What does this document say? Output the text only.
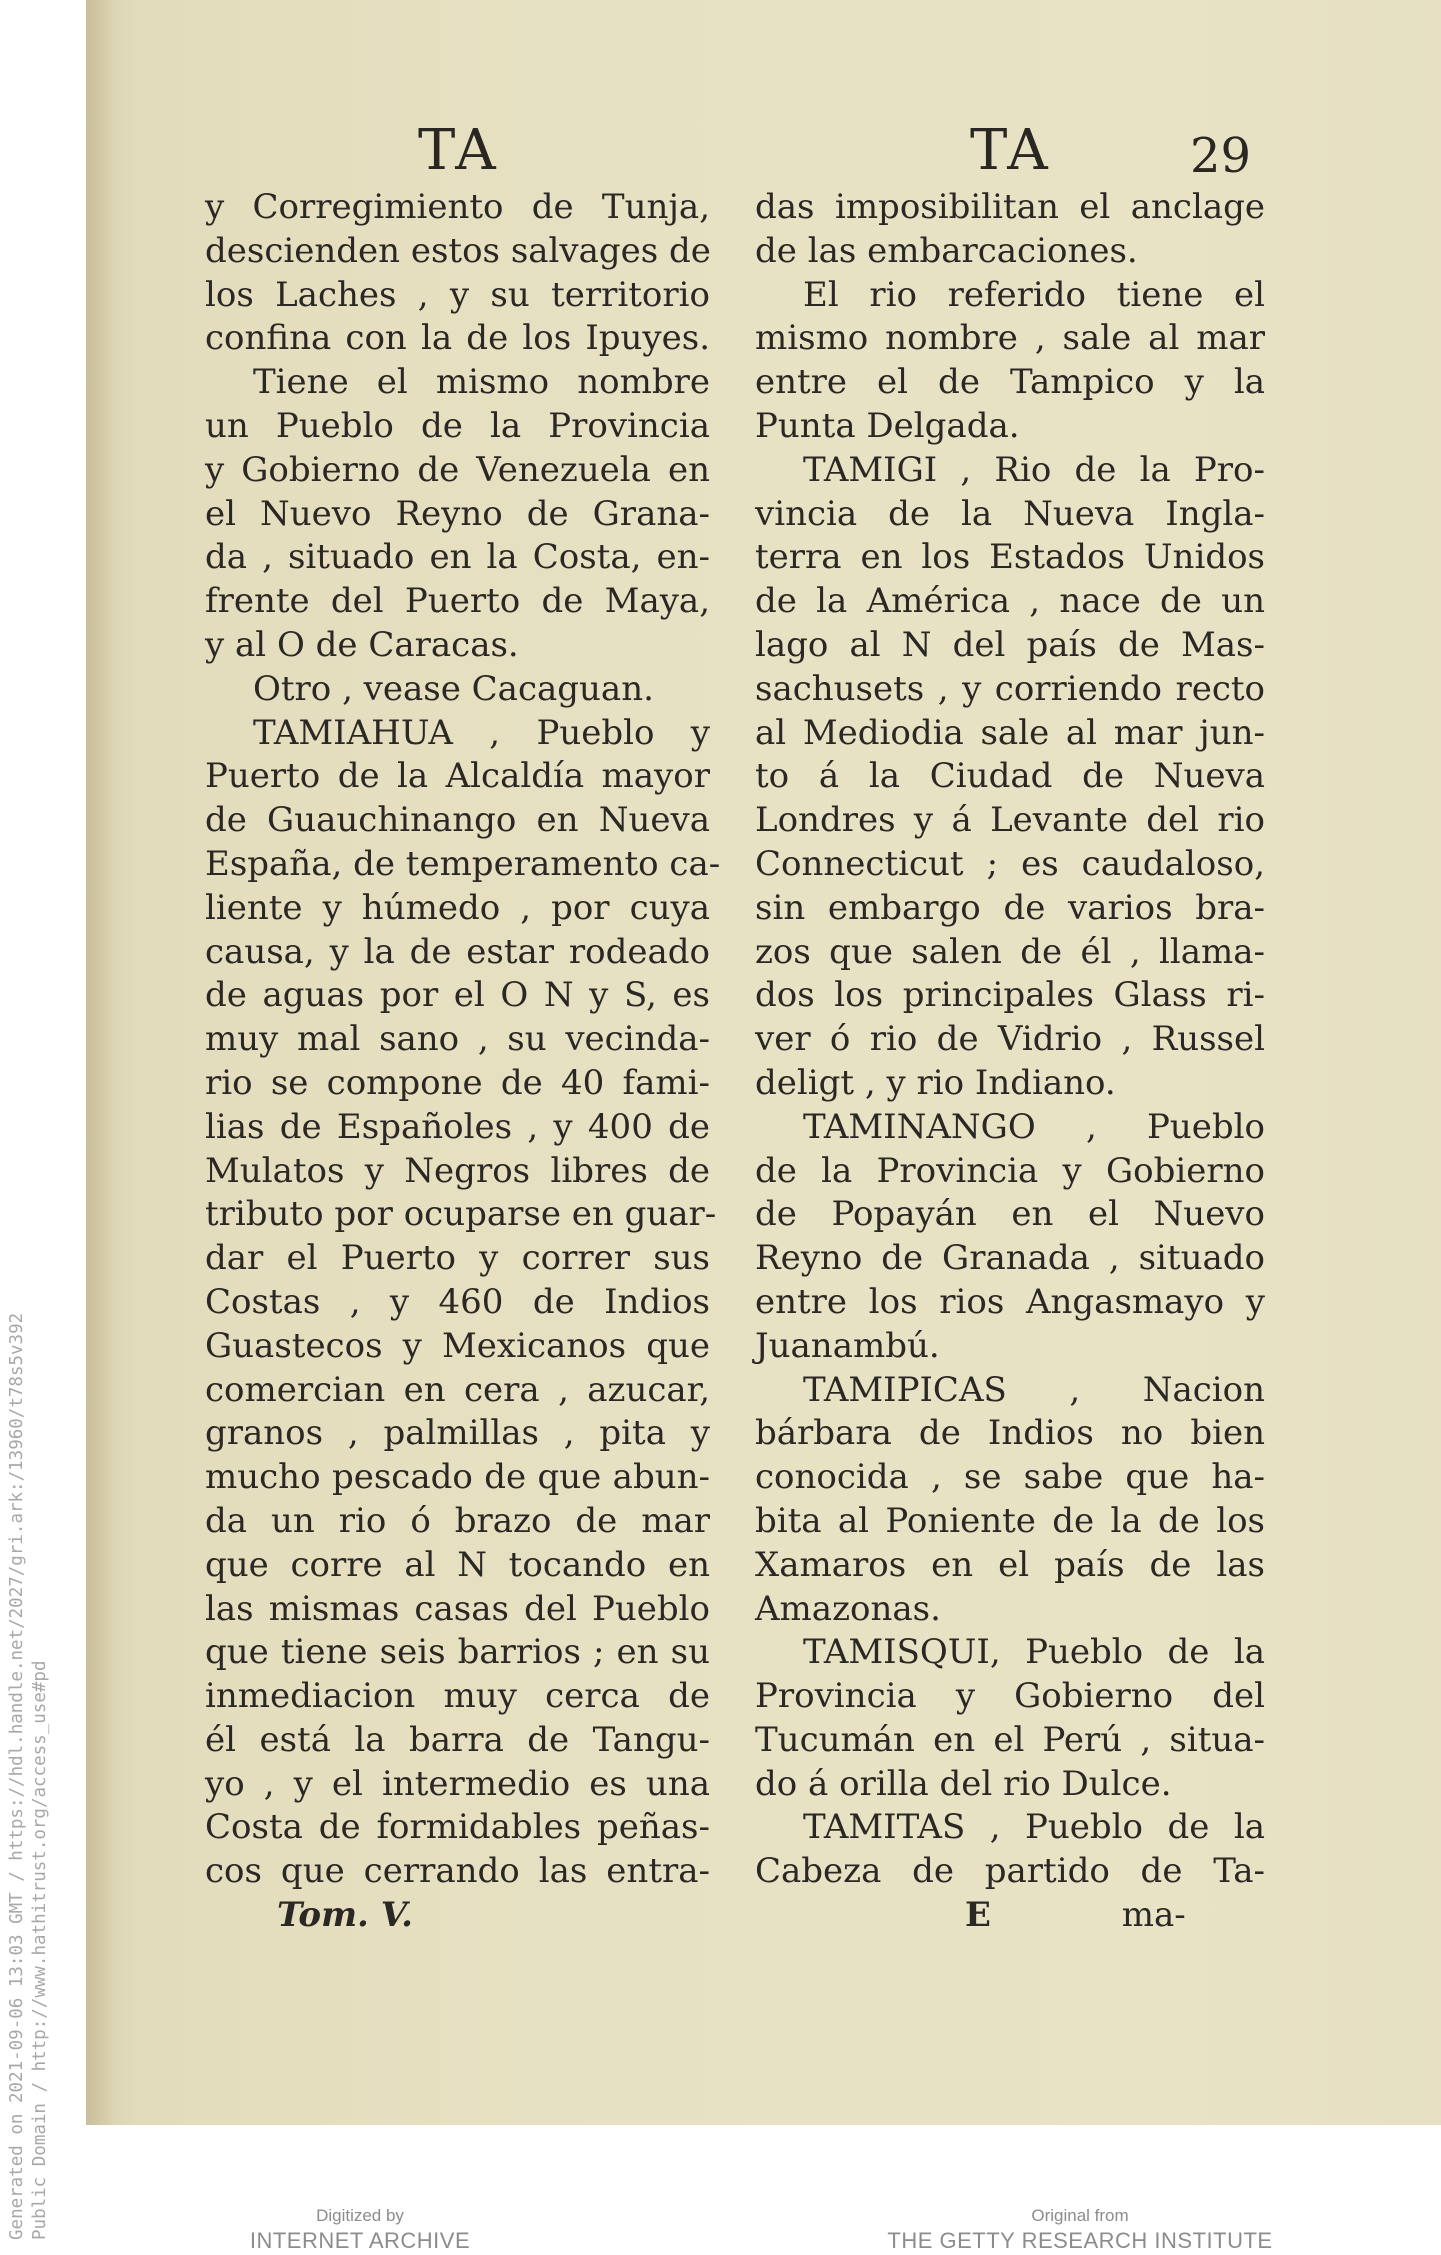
Generated on 2021-09-06 13:03 GMT / https://hdl.handle.net/2027/gri.ark:/13960/t78s5v392 Public Domain / http://www.hathitrust.org/access_use#pd
TA	TA	29
y Corregimiento de Tunja,
descienden estos salvages de
los Laches , y su territorio
confina con la de los Ipuyes.
Tiene el mismo nombre
un Pueblo de la Provincia
y Gobierno de Venezuela en
el Nuevo Reyno de Grana-
da , situado en la Costa, en-
frente del Puerto de Maya,
y al O de Caracas.
Otro , vease Cacaguan.
TAMIAHUA , Pueblo y
Puerto de la Alcaldía mayor
de Guauchinango en Nueva
España, de temperamento ca-
liente y húmedo , por cuya
causa, y la de estar rodeado
de aguas por el O N y S, es
muy mal sano , su vecinda-
rio se compone de 40 fami-
lias de Españoles , y 400 de
Mulatos y Negros libres de
tributo por ocuparse en guar-
dar el Puerto y correr sus
Costas , y 460 de Indios
Guastecos y Mexicanos que
comercian en cera , azucar,
granos , palmillas , pita y
mucho pescado de que abun-
da un rio ó brazo de mar
que corre al N tocando en
las mismas casas del Pueblo
que tiene seis barrios ; en su
inmediacion muy cerca de
él está la barra de Tangu-
yo , y el intermedio es una
Costa de formidables peñas-
cos que cerrando las entra-
Tom. V.
das imposibilitan el anclage
de las embarcaciones.
El rio referido tiene el
mismo nombre , sale al mar
entre el de Tampico y la
Punta Delgada.
TAMIGI , Rio de la Pro-
vincia de la Nueva Ingla-
terra en los Estados Unidos
de la América , nace de un
lago al N del país de Mas-
sachusets , y corriendo recto
al Mediodia sale al mar jun-
to á la Ciudad de Nueva
Londres y á Levante del rio
Connecticut ; es caudaloso,
sin embargo de varios bra-
zos que salen de él , llama-
dos los principales Glass ri-
ver ó rio de Vidrio , Russel
deligt , y rio Indiano.
TAMINANGO , Pueblo
de la Provincia y Gobierno
de Popayán en el Nuevo
Reyno de Granada , situado
entre los rios Angasmayo y
Juanambú.
TAMIPICAS , Nacion
bárbara de Indios no bien
conocida , se sabe que ha-
bita al Poniente de la de los
Xamaros en el país de las
Amazonas.
TAMISQUI, Pueblo de la
Provincia y Gobierno del
Tucumán en el Perú , situa-
do á orilla del rio Dulce.
TAMITAS , Pueblo de la
Cabeza de partido de Ta-
E	ma-
Digitized by
INTERNET ARCHIVE
Original from
THE GETTY RESEARCH INSTITUTE
